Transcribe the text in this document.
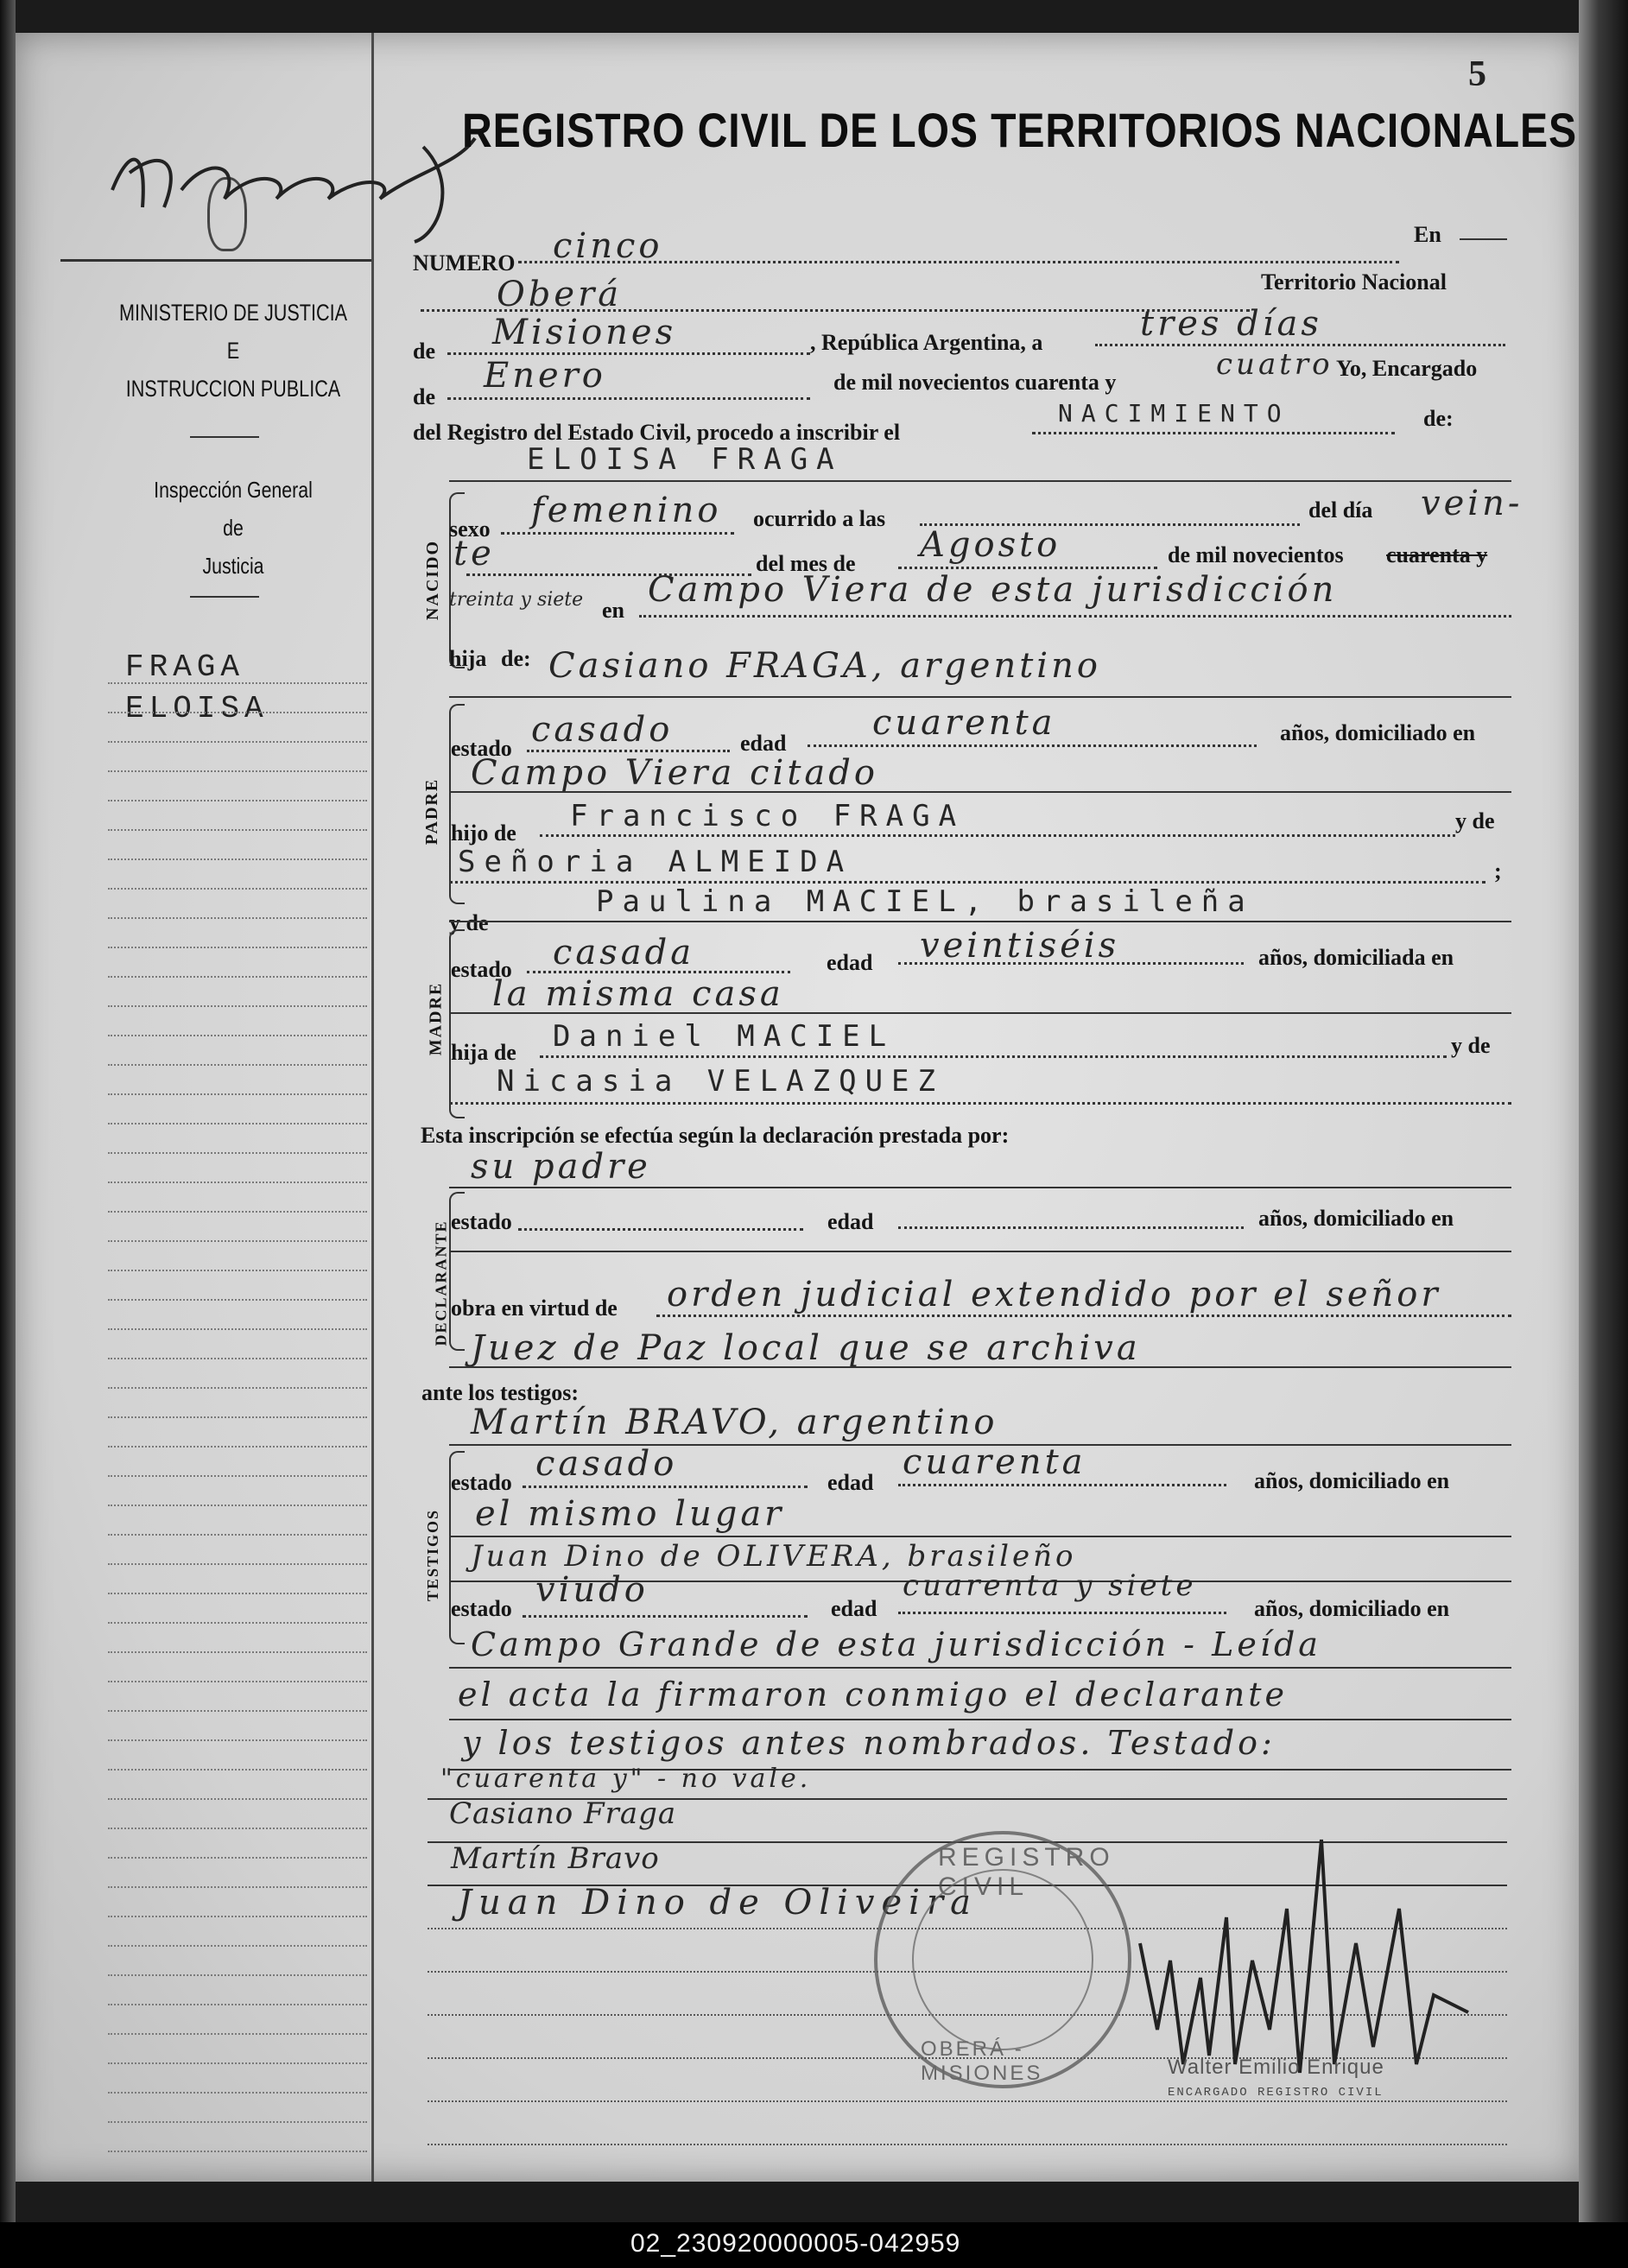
MINISTERIO DE JUSTICIA
E
INSTRUCCION PUBLICA
Inspección General
de
Justicia
FRAGA
ELOISA
5
REGISTRO CIVIL DE LOS TERRITORIOS NACIONALES
NUMERO cinco	En
Oberá	Territorio Nacional
de Misiones	, República Argentina, a	tres días
de
Enero	de mil novecientos cuarenta y
cuatro Yo, Encargado
del Registro del Estado Civil, procedo a inscribir el
NACIMIENTO	de:
ELOISA FRAGA
NACIDO
sexo femenino ocurrido a las	del día vein-
te	del mes de Agosto	de mil novecientos cuarenta y
treinta y siete en
Campo Viera de esta jurisdicción
hija de: Casiano FRAGA, argentino
PADRE
estado casado	edad
cuarenta	años, domiciliado en
Campo Viera citado
hijo de Francisco FRAGA	y de
Señoria ALMEIDA	;
y de
Paulina MACIEL, brasileña
MADRE
estado casada	edad veintiséis	años, domiciliada en
la misma casa
hija de Daniel MACIEL	y de
Nicasia VELAZQUEZ
Esta inscripción se efectúa según la declaración prestada por:
su padre
DECLARANTE estado	edad	años, domiciliado en
obra en virtud de orden judicial extendido por el señor
Juez de Paz local que se archiva
ante los testigos:
Martín BRAVO, argentino
TESTIGOS
estado casado	edad
cuarenta	años, domiciliado en
el mismo lugar
Juan Dino de OLIVERA, brasileño
estado viudo	edad
cuarenta y siete
años, domiciliado en
Campo Grande de esta jurisdicción - Leída
el acta la firmaron conmigo el declarante
y los testigos antes nombrados. Testado:
"cuarenta y" - no vale.
Casiano Fraga
Martín Bravo
Juan Dino de Oliveira
REGISTRO CIVIL
OBERÁ - MISIONES	Walter Emilio Enrique
ENCARGADO REGISTRO CIVIL
02_230920000005-042959
